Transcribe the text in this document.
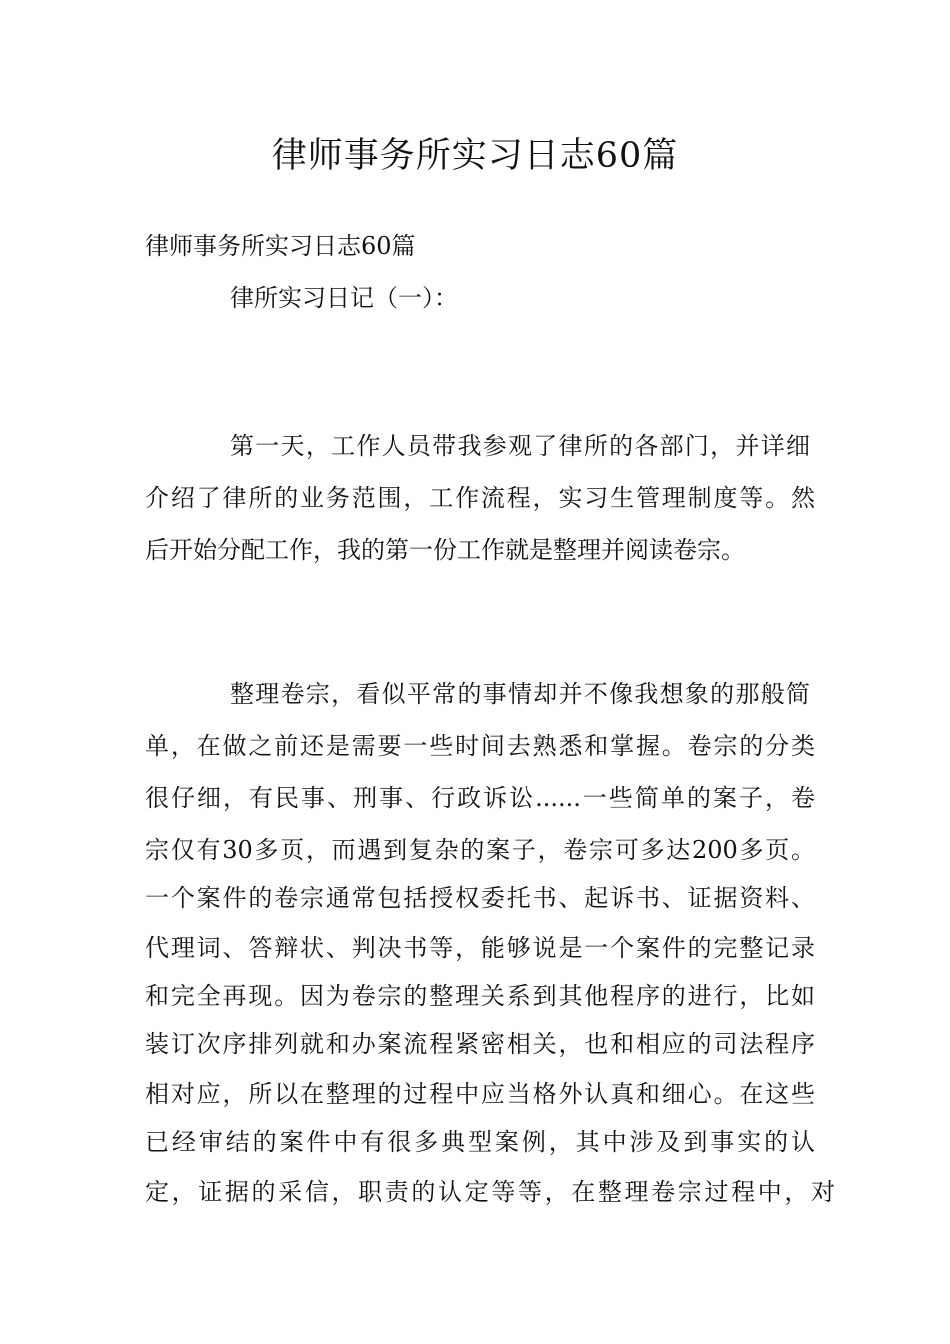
律师事务所实习日志60篇

律师事务所实习日志60篇

律所实习日记（一）：

第一天，工作人员带我参观了律所的各部门，并详细

介绍了律所的业务范围，工作流程，实习生管理制度等。然

后开始分配工作，我的第一份工作就是整理并阅读卷宗。

整理卷宗，看似平常的事情却并不像我想象的那般简

单，在做之前还是需要一些时间去熟悉和掌握。卷宗的分类

很仔细，有民事、刑事、行政诉讼......一些简单的案子，卷

宗仅有30多页，而遇到复杂的案子，卷宗可多达200多页。

一个案件的卷宗通常包括授权委托书、起诉书、证据资料、

代理词、答辩状、判决书等，能够说是一个案件的完整记录

和完全再现。因为卷宗的整理关系到其他程序的进行，比如

装订次序排列就和办案流程紧密相关，也和相应的司法程序

相对应，所以在整理的过程中应当格外认真和细心。在这些

已经审结的案件中有很多典型案例，其中涉及到事实的认

定，证据的采信，职责的认定等等，在整理卷宗过程中，对
